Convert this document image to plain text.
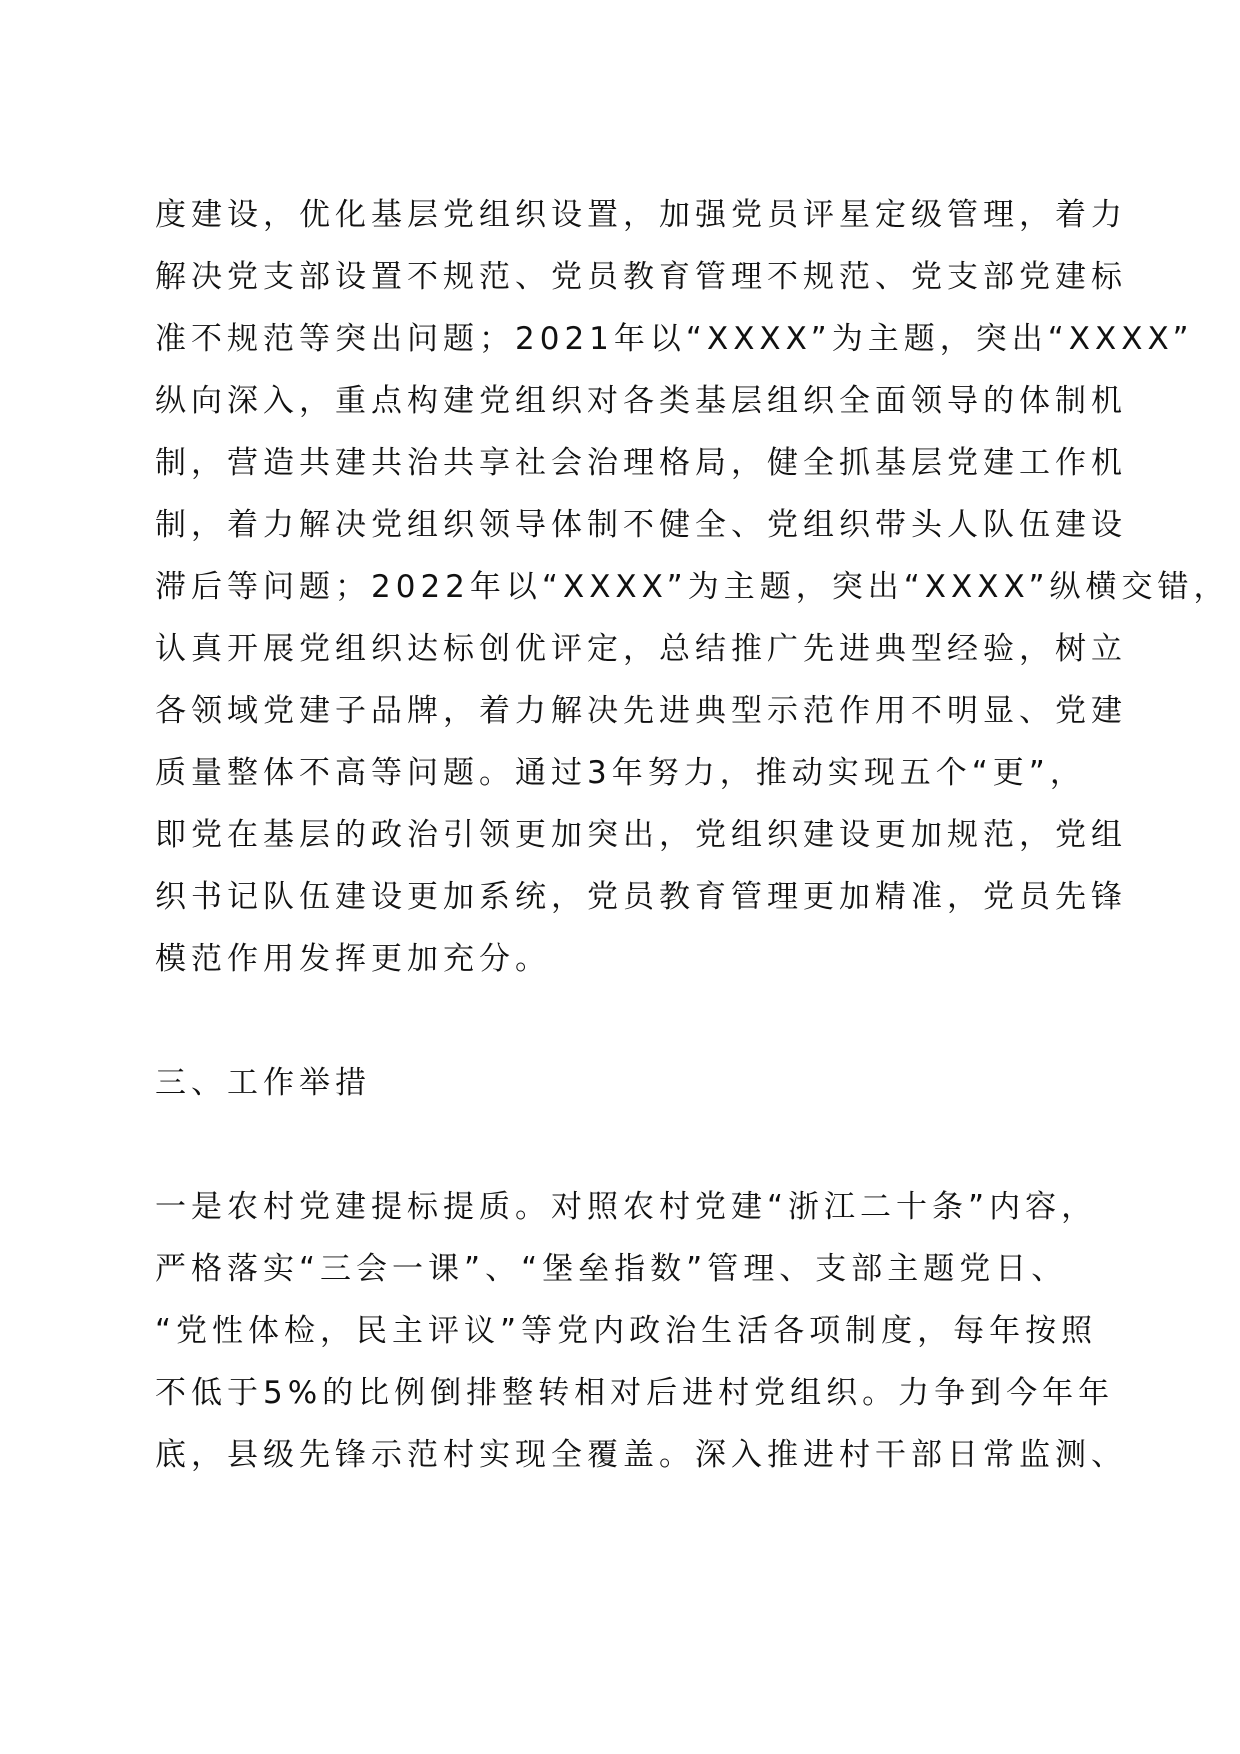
度建设，优化基层党组织设置，加强党员评星定级管理，着力
解决党支部设置不规范、党员教育管理不规范、党支部党建标
准不规范等突出问题；2021年以“XXXX”为主题，突出“XXXX”
纵向深入，重点构建党组织对各类基层组织全面领导的体制机
制，营造共建共治共享社会治理格局，健全抓基层党建工作机
制，着力解决党组织领导体制不健全、党组织带头人队伍建设
滞后等问题；2022年以“XXXX”为主题，突出“XXXX”纵横交错，
认真开展党组织达标创优评定，总结推广先进典型经验，树立
各领域党建子品牌，着力解决先进典型示范作用不明显、党建
质量整体不高等问题。通过3年努力，推动实现五个“更”，
即党在基层的政治引领更加突出，党组织建设更加规范，党组
织书记队伍建设更加系统，党员教育管理更加精准，党员先锋
模范作用发挥更加充分。
三、工作举措
一是农村党建提标提质。对照农村党建“浙江二十条”内容，
严格落实“三会一课”、“堡垒指数”管理、支部主题党日、
“党性体检，民主评议”等党内政治生活各项制度，每年按照
不低于5%的比例倒排整转相对后进村党组织。力争到今年年
底，县级先锋示范村实现全覆盖。深入推进村干部日常监测、
